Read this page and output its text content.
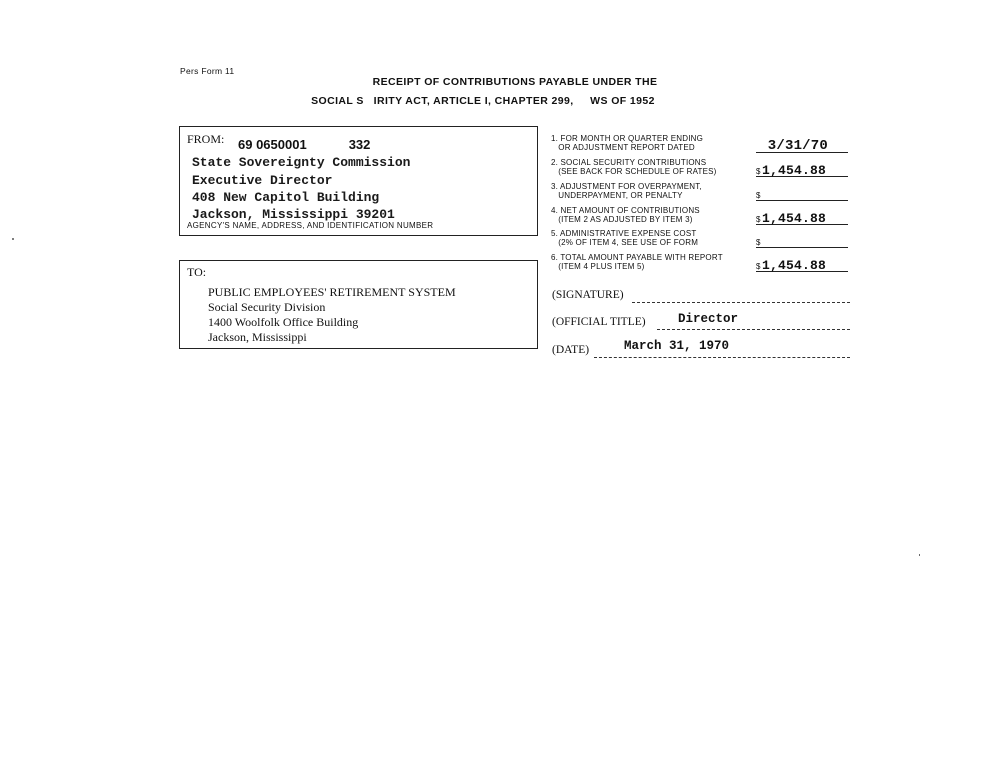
Pers Form 11
RECEIPT OF CONTRIBUTIONS PAYABLE UNDER THE
SOCIAL S   IRITY ACT, ARTICLE I, CHAPTER 299,     WS OF 1952
FROM: 69 0650001	332
State Sovereignty Commission
Executive Director
408 New Capitol Building
Jackson, Mississippi 39201
AGENCY'S NAME, ADDRESS, AND IDENTIFICATION NUMBER
TO:
PUBLIC EMPLOYEES' RETIREMENT SYSTEM
Social Security Division
1400 Woolfolk Office Building
Jackson, Mississippi
1. FOR MONTH OR QUARTER ENDING
OR ADJUSTMENT REPORT DATED	3/31/70
2. SOCIAL SECURITY CONTRIBUTIONS
(SEE BACK FOR SCHEDULE OF RATES)	$ 1,454.88
3. ADJUSTMENT FOR OVERPAYMENT,
UNDERPAYMENT, OR PENALTY	$
4. NET AMOUNT OF CONTRIBUTIONS
(ITEM 2 AS ADJUSTED BY ITEM 3)	$ 1,454.88
5. ADMINISTRATIVE EXPENSE COST
(2% OF ITEM 4, SEE USE OF FORM	$
6. TOTAL AMOUNT PAYABLE WITH REPORT
(ITEM 4 PLUS ITEM 5)	$ 1,454.88
(SIGNATURE)
(OFFICIAL TITLE)	Director
(DATE)	March 31, 1970
